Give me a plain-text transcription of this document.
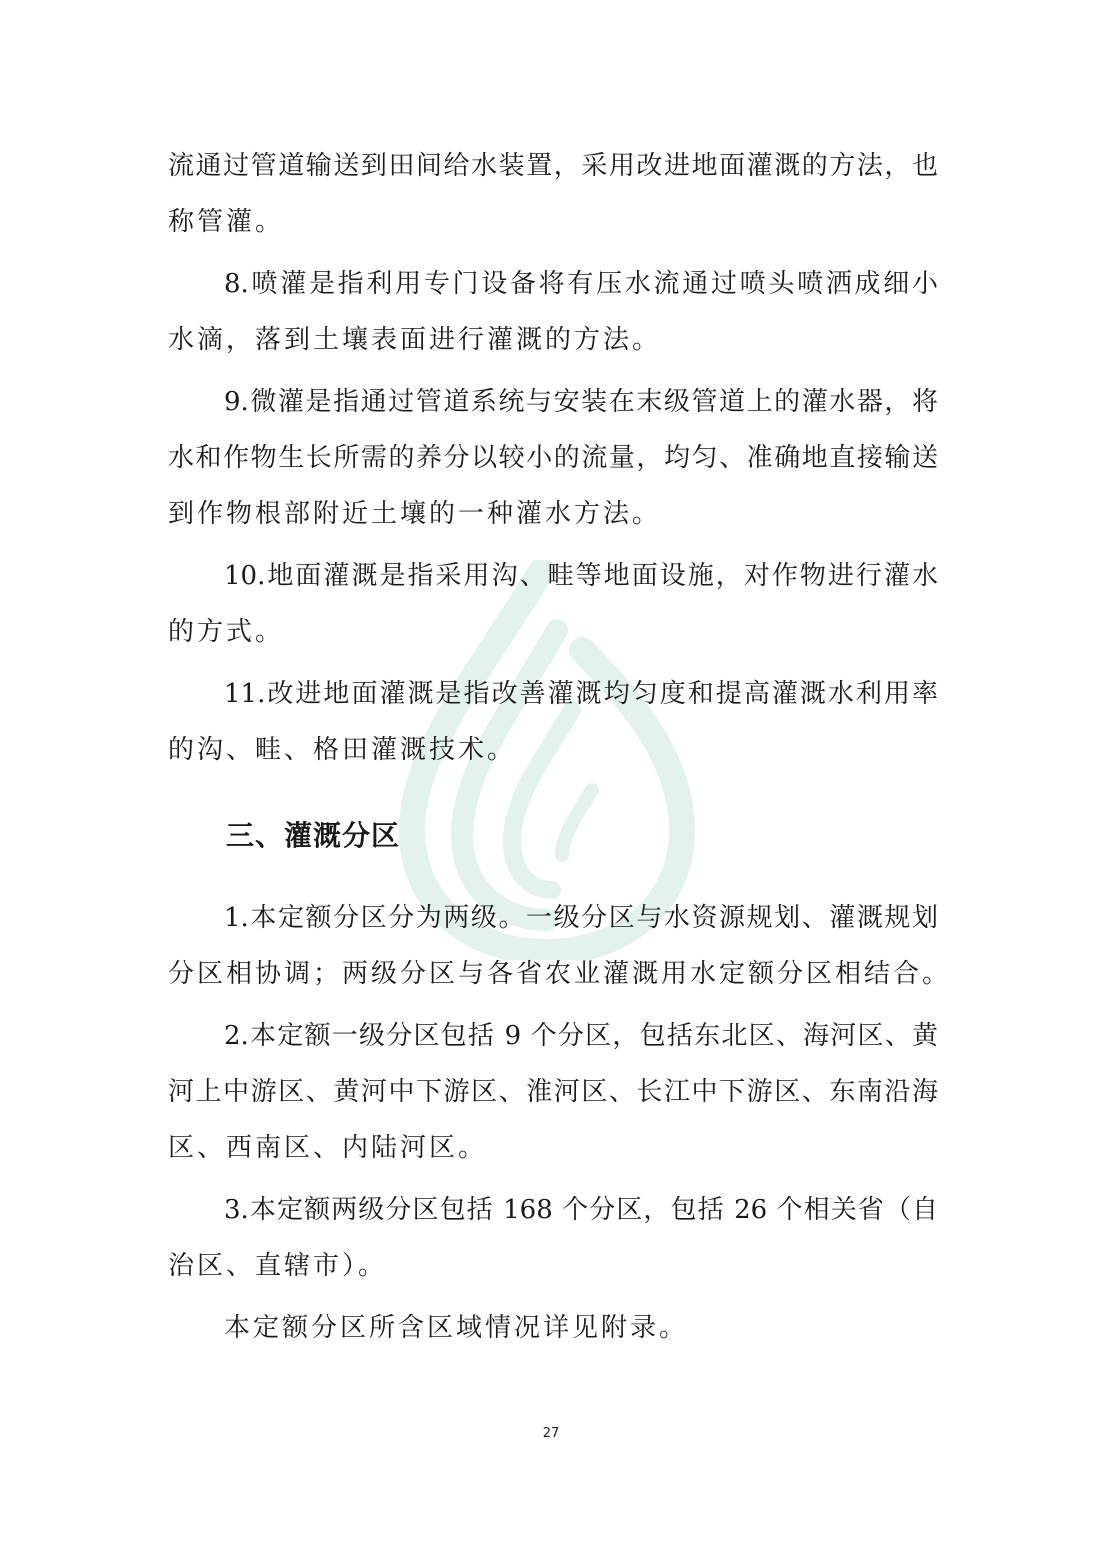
流通过管道输送到田间给水装置，采用改进地面灌溉的方法，也
称管灌。
8.喷灌是指利用专门设备将有压水流通过喷头喷洒成细小
水滴，落到土壤表面进行灌溉的方法。
9.微灌是指通过管道系统与安装在末级管道上的灌水器，将
水和作物生长所需的养分以较小的流量，均匀、准确地直接输送
到作物根部附近土壤的一种灌水方法。
10.地面灌溉是指采用沟、畦等地面设施，对作物进行灌水
的方式。
11.改进地面灌溉是指改善灌溉均匀度和提高灌溉水利用率
的沟、畦、格田灌溉技术。
三、灌溉分区
1.本定额分区分为两级。一级分区与水资源规划、灌溉规划
分区相协调；两级分区与各省农业灌溉用水定额分区相结合。
2.本定额一级分区包括 9 个分区，包括东北区、海河区、黄
河上中游区、黄河中下游区、淮河区、长江中下游区、东南沿海
区、西南区、内陆河区。
3.本定额两级分区包括 168 个分区，包括 26 个相关省（自
治区、直辖市）。
本定额分区所含区域情况详见附录。
27
